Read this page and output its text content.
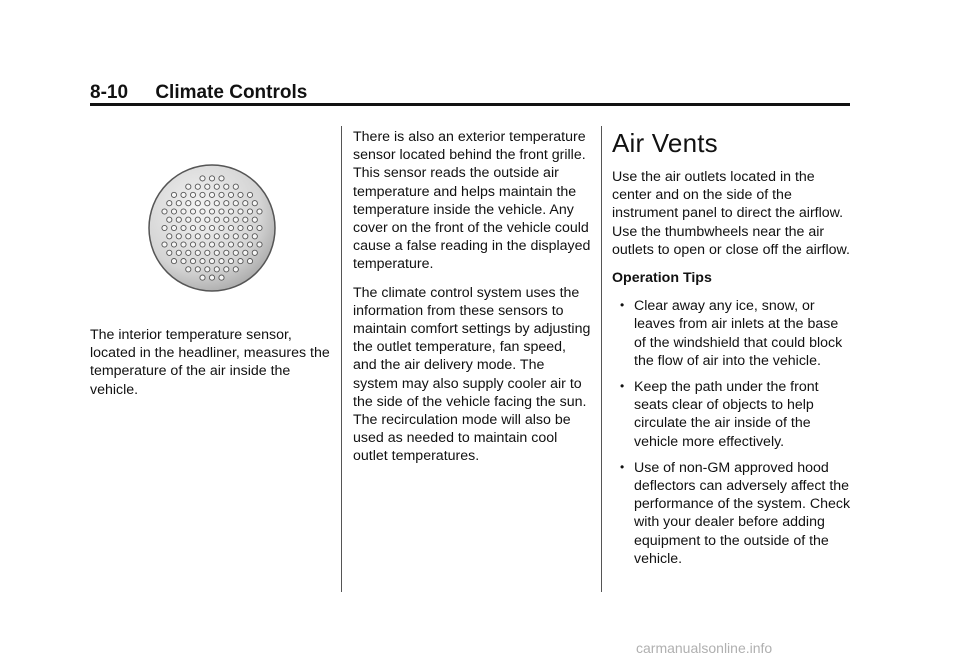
8-10 Climate Controls

The interior temperature sensor, located in the headliner, measures the temperature of the air inside the vehicle.

There is also an exterior temperature sensor located behind the front grille. This sensor reads the outside air temperature and helps maintain the temperature inside the vehicle. Any cover on the front of the vehicle could cause a false reading in the displayed temperature.

The climate control system uses the information from these sensors to maintain comfort settings by adjusting the outlet temperature, fan speed, and the air delivery mode. The system may also supply cooler air to the side of the vehicle facing the sun. The recirculation mode will also be used as needed to maintain cool outlet temperatures.

Air Vents

Use the air outlets located in the center and on the side of the instrument panel to direct the airflow. Use the thumbwheels near the air outlets to open or close off the airflow.

Operation Tips

• Clear away any ice, snow, or leaves from air inlets at the base of the windshield that could block the flow of air into the vehicle.
• Keep the path under the front seats clear of objects to help circulate the air inside of the vehicle more effectively.
• Use of non-GM approved hood deflectors can adversely affect the performance of the system. Check with your dealer before adding equipment to the outside of the vehicle.
carmanualsonline.info
